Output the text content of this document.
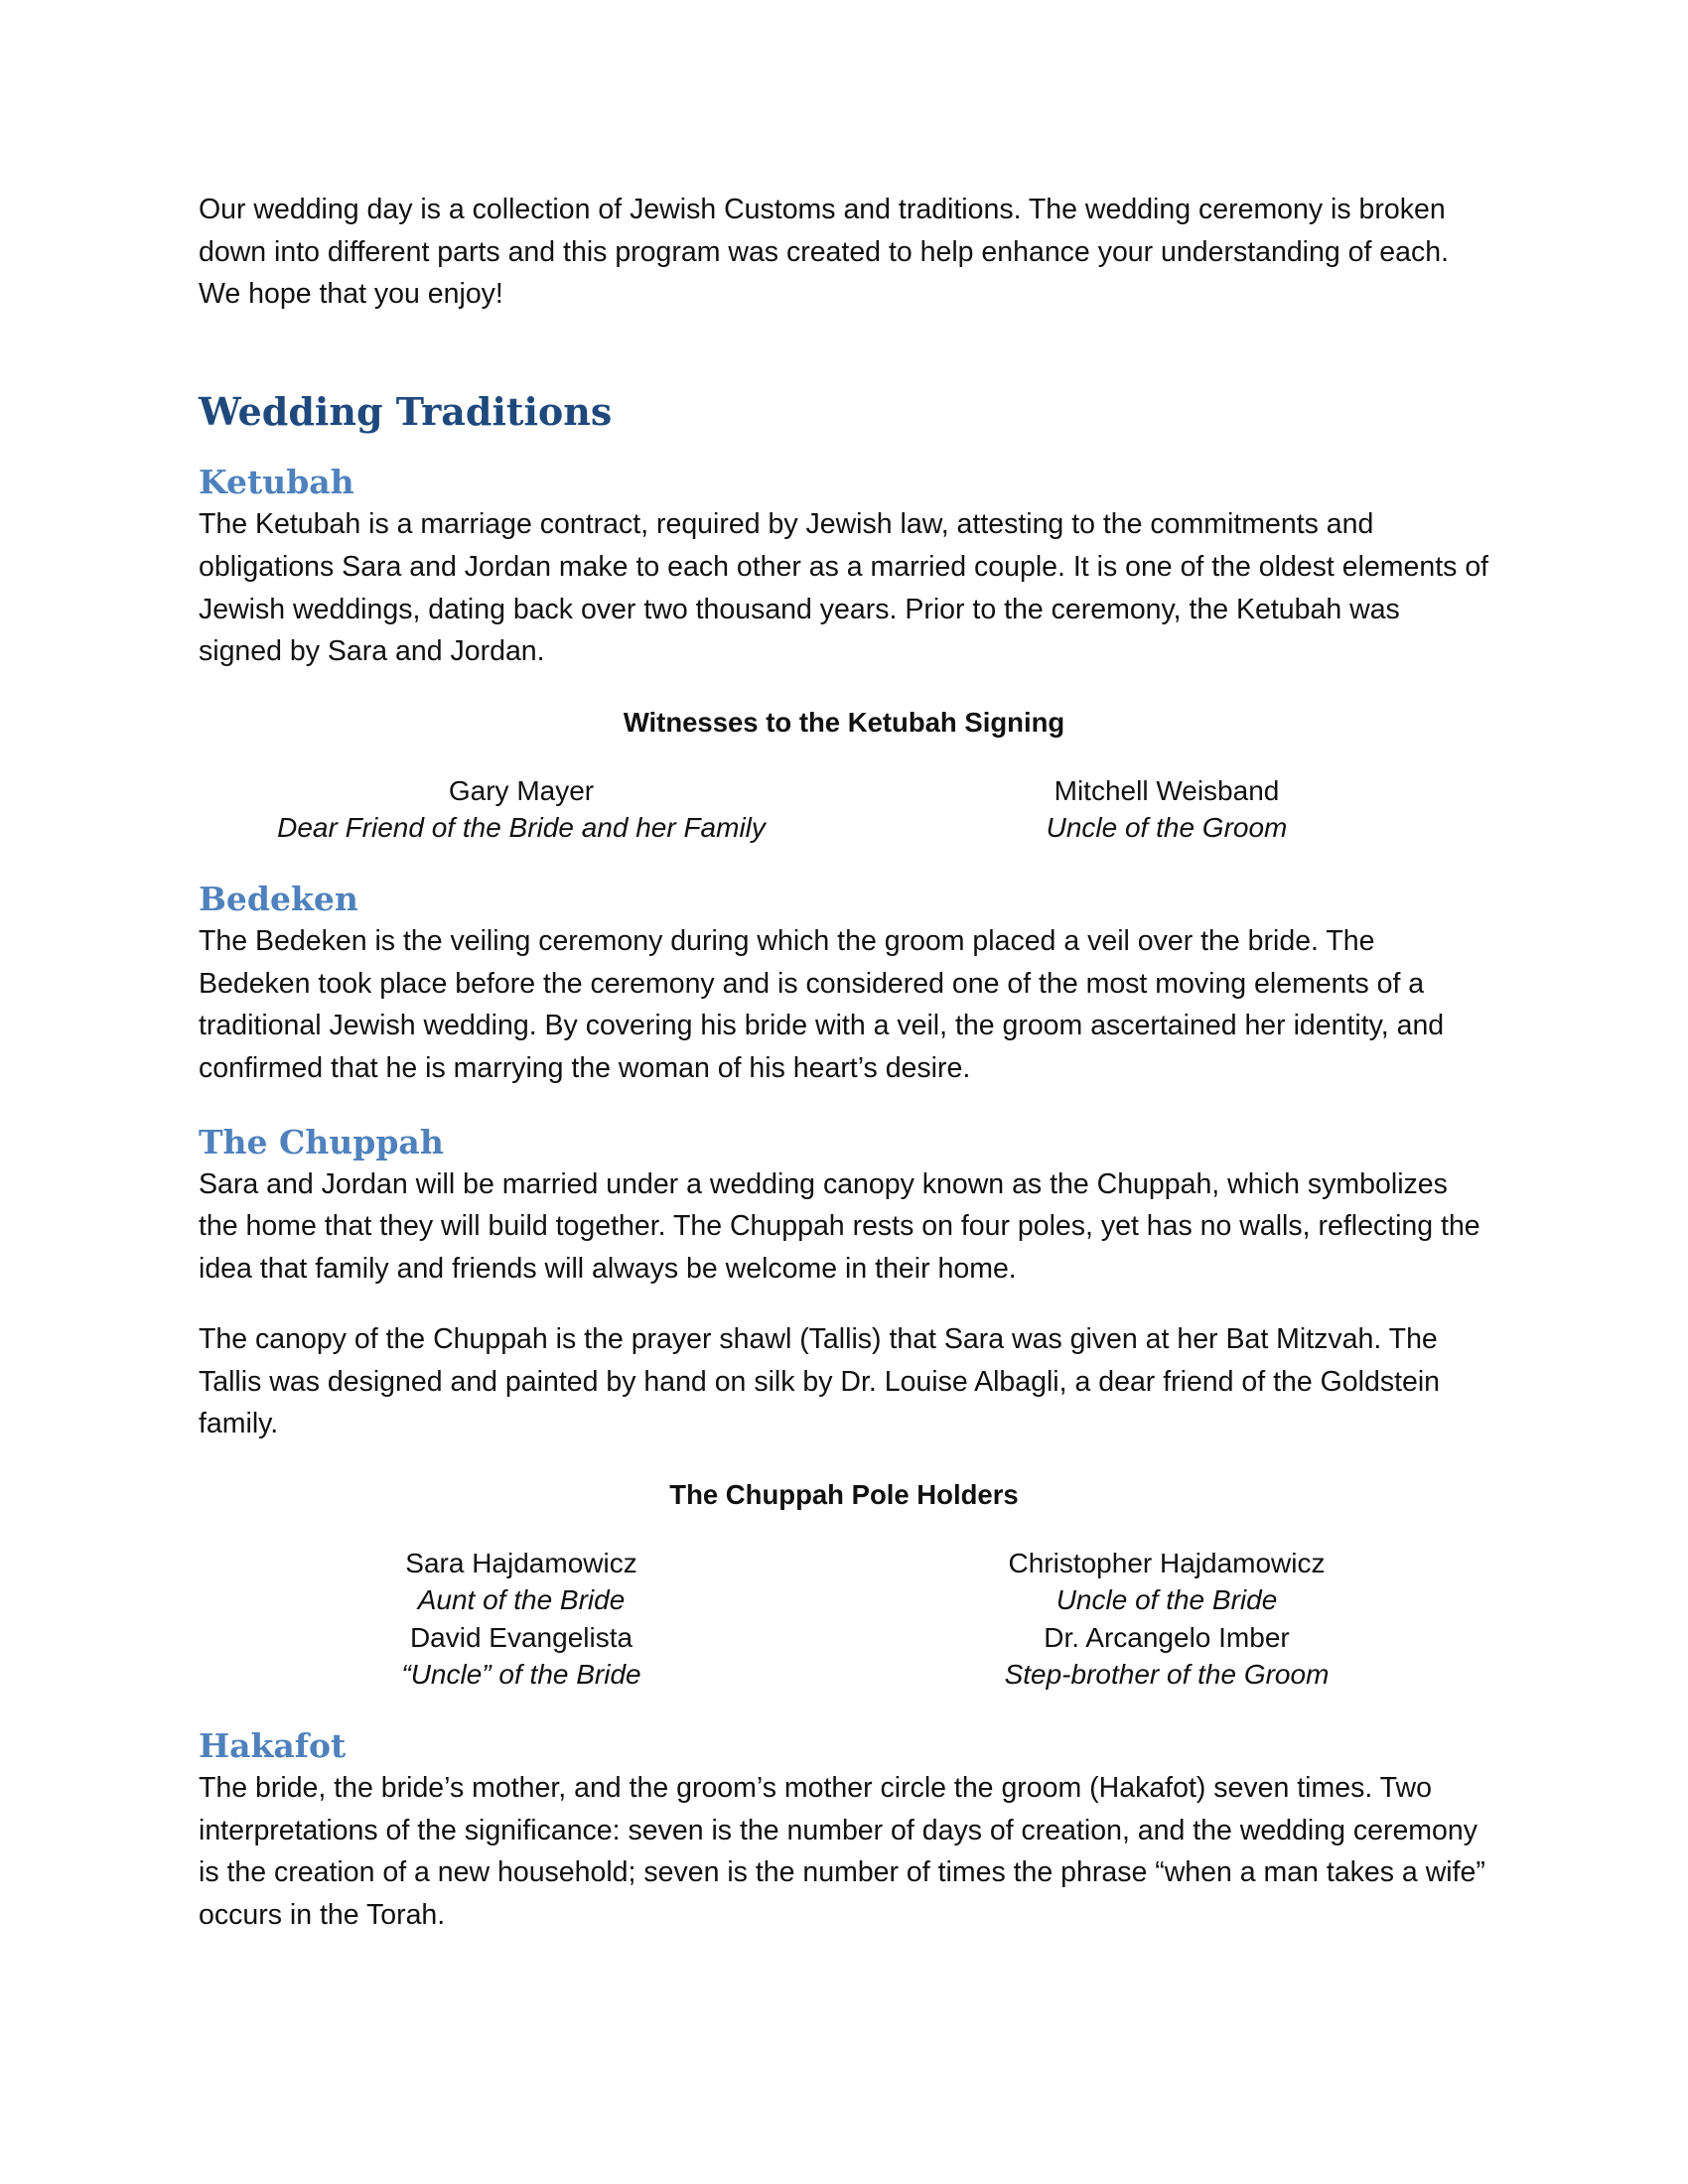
Our wedding day is a collection of Jewish Customs and traditions. The wedding ceremony is broken down into different parts and this program was created to help enhance your understanding of each. We hope that you enjoy!

Wedding Traditions
Ketubah

The Ketubah is a marriage contract, required by Jewish law, attesting to the commitments and obligations Sara and Jordan make to each other as a married couple. It is one of the oldest elements of Jewish weddings, dating back over two thousand years. Prior to the ceremony, the Ketubah was signed by Sara and Jordan.

Witnesses to the Ketubah Signing
Gary Mayer
Dear Friend of the Bride and her Family
Mitchell Weisband
Uncle of the Groom
Bedeken

The Bedeken is the veiling ceremony during which the groom placed a veil over the bride. The Bedeken took place before the ceremony and is considered one of the most moving elements of a traditional Jewish wedding. By covering his bride with a veil, the groom ascertained her identity, and confirmed that he is marrying the woman of his heart’s desire.

The Chuppah

Sara and Jordan will be married under a wedding canopy known as the Chuppah, which symbolizes the home that they will build together. The Chuppah rests on four poles, yet has no walls, reflecting the idea that family and friends will always be welcome in their home.

The canopy of the Chuppah is the prayer shawl (Tallis) that Sara was given at her Bat Mitzvah. The Tallis was designed and painted by hand on silk by Dr. Louise Albagli, a dear friend of the Goldstein family.

The Chuppah Pole Holders
Sara Hajdamowicz
Aunt of the Bride
David Evangelista
“Uncle” of the Bride
Christopher Hajdamowicz
Uncle of the Bride
Dr. Arcangelo Imber
Step-brother of the Groom
Hakafot

The bride, the bride’s mother, and the groom’s mother circle the groom (Hakafot) seven times. Two interpretations of the significance: seven is the number of days of creation, and the wedding ceremony is the creation of a new household; seven is the number of times the phrase “when a man takes a wife” occurs in the Torah.
